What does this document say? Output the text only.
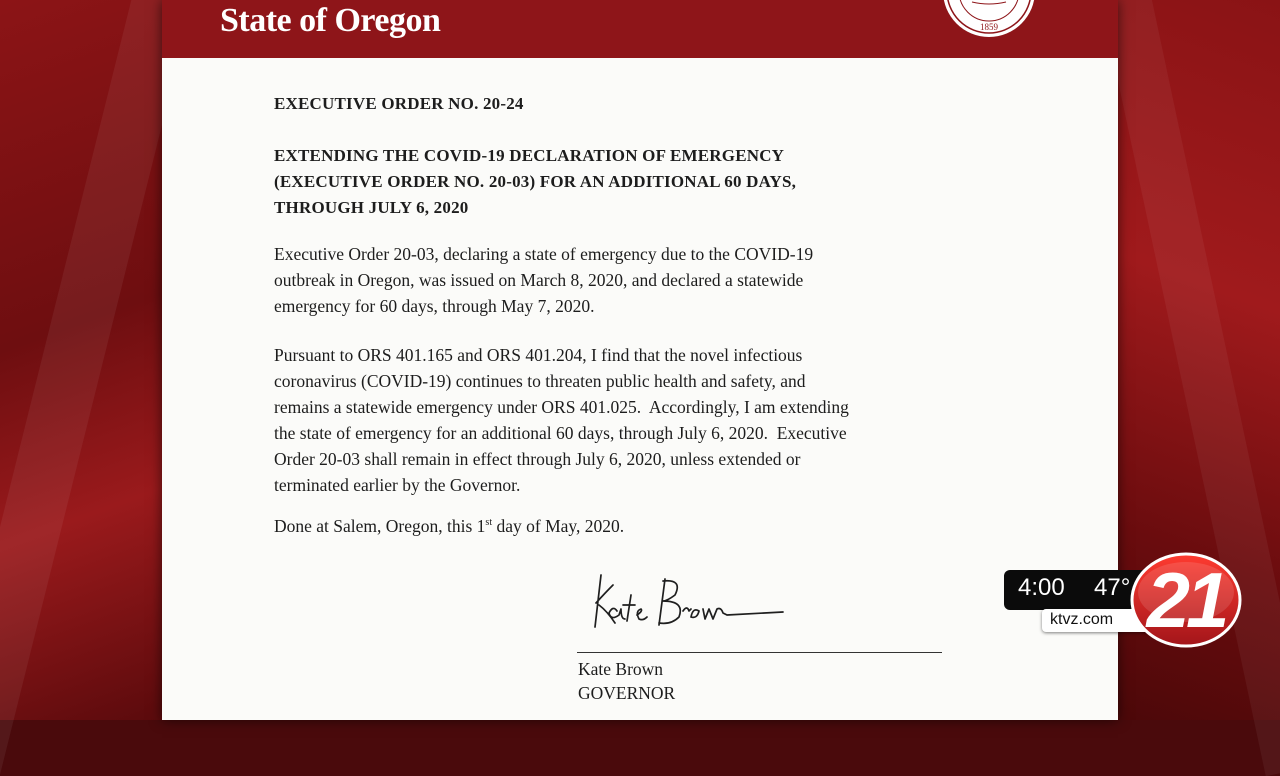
State of Oregon	1859
EXECUTIVE ORDER NO. 20-24
EXTENDING THE COVID-19 DECLARATION OF EMERGENCY
(EXECUTIVE ORDER NO. 20-03) FOR AN ADDITIONAL 60 DAYS,
THROUGH JULY 6, 2020
Executive Order 20-03, declaring a state of emergency due to the COVID-19
outbreak in Oregon, was issued on March 8, 2020, and declared a statewide
emergency for 60 days, through May 7, 2020.
Pursuant to ORS 401.165 and ORS 401.204, I find that the novel infectious
coronavirus (COVID-19) continues to threaten public health and safety, and
remains a statewide emergency under ORS 401.025.  Accordingly, I am extending
the state of emergency for an additional 60 days, through July 6, 2020.  Executive
Order 20-03 shall remain in effect through July 6, 2020, unless extended or
terminated earlier by the Governor.
Done at Salem, Oregon, this 1st day of May, 2020.
Kate Brown
GOVERNOR
4:00 47°
ktvz.com 21
